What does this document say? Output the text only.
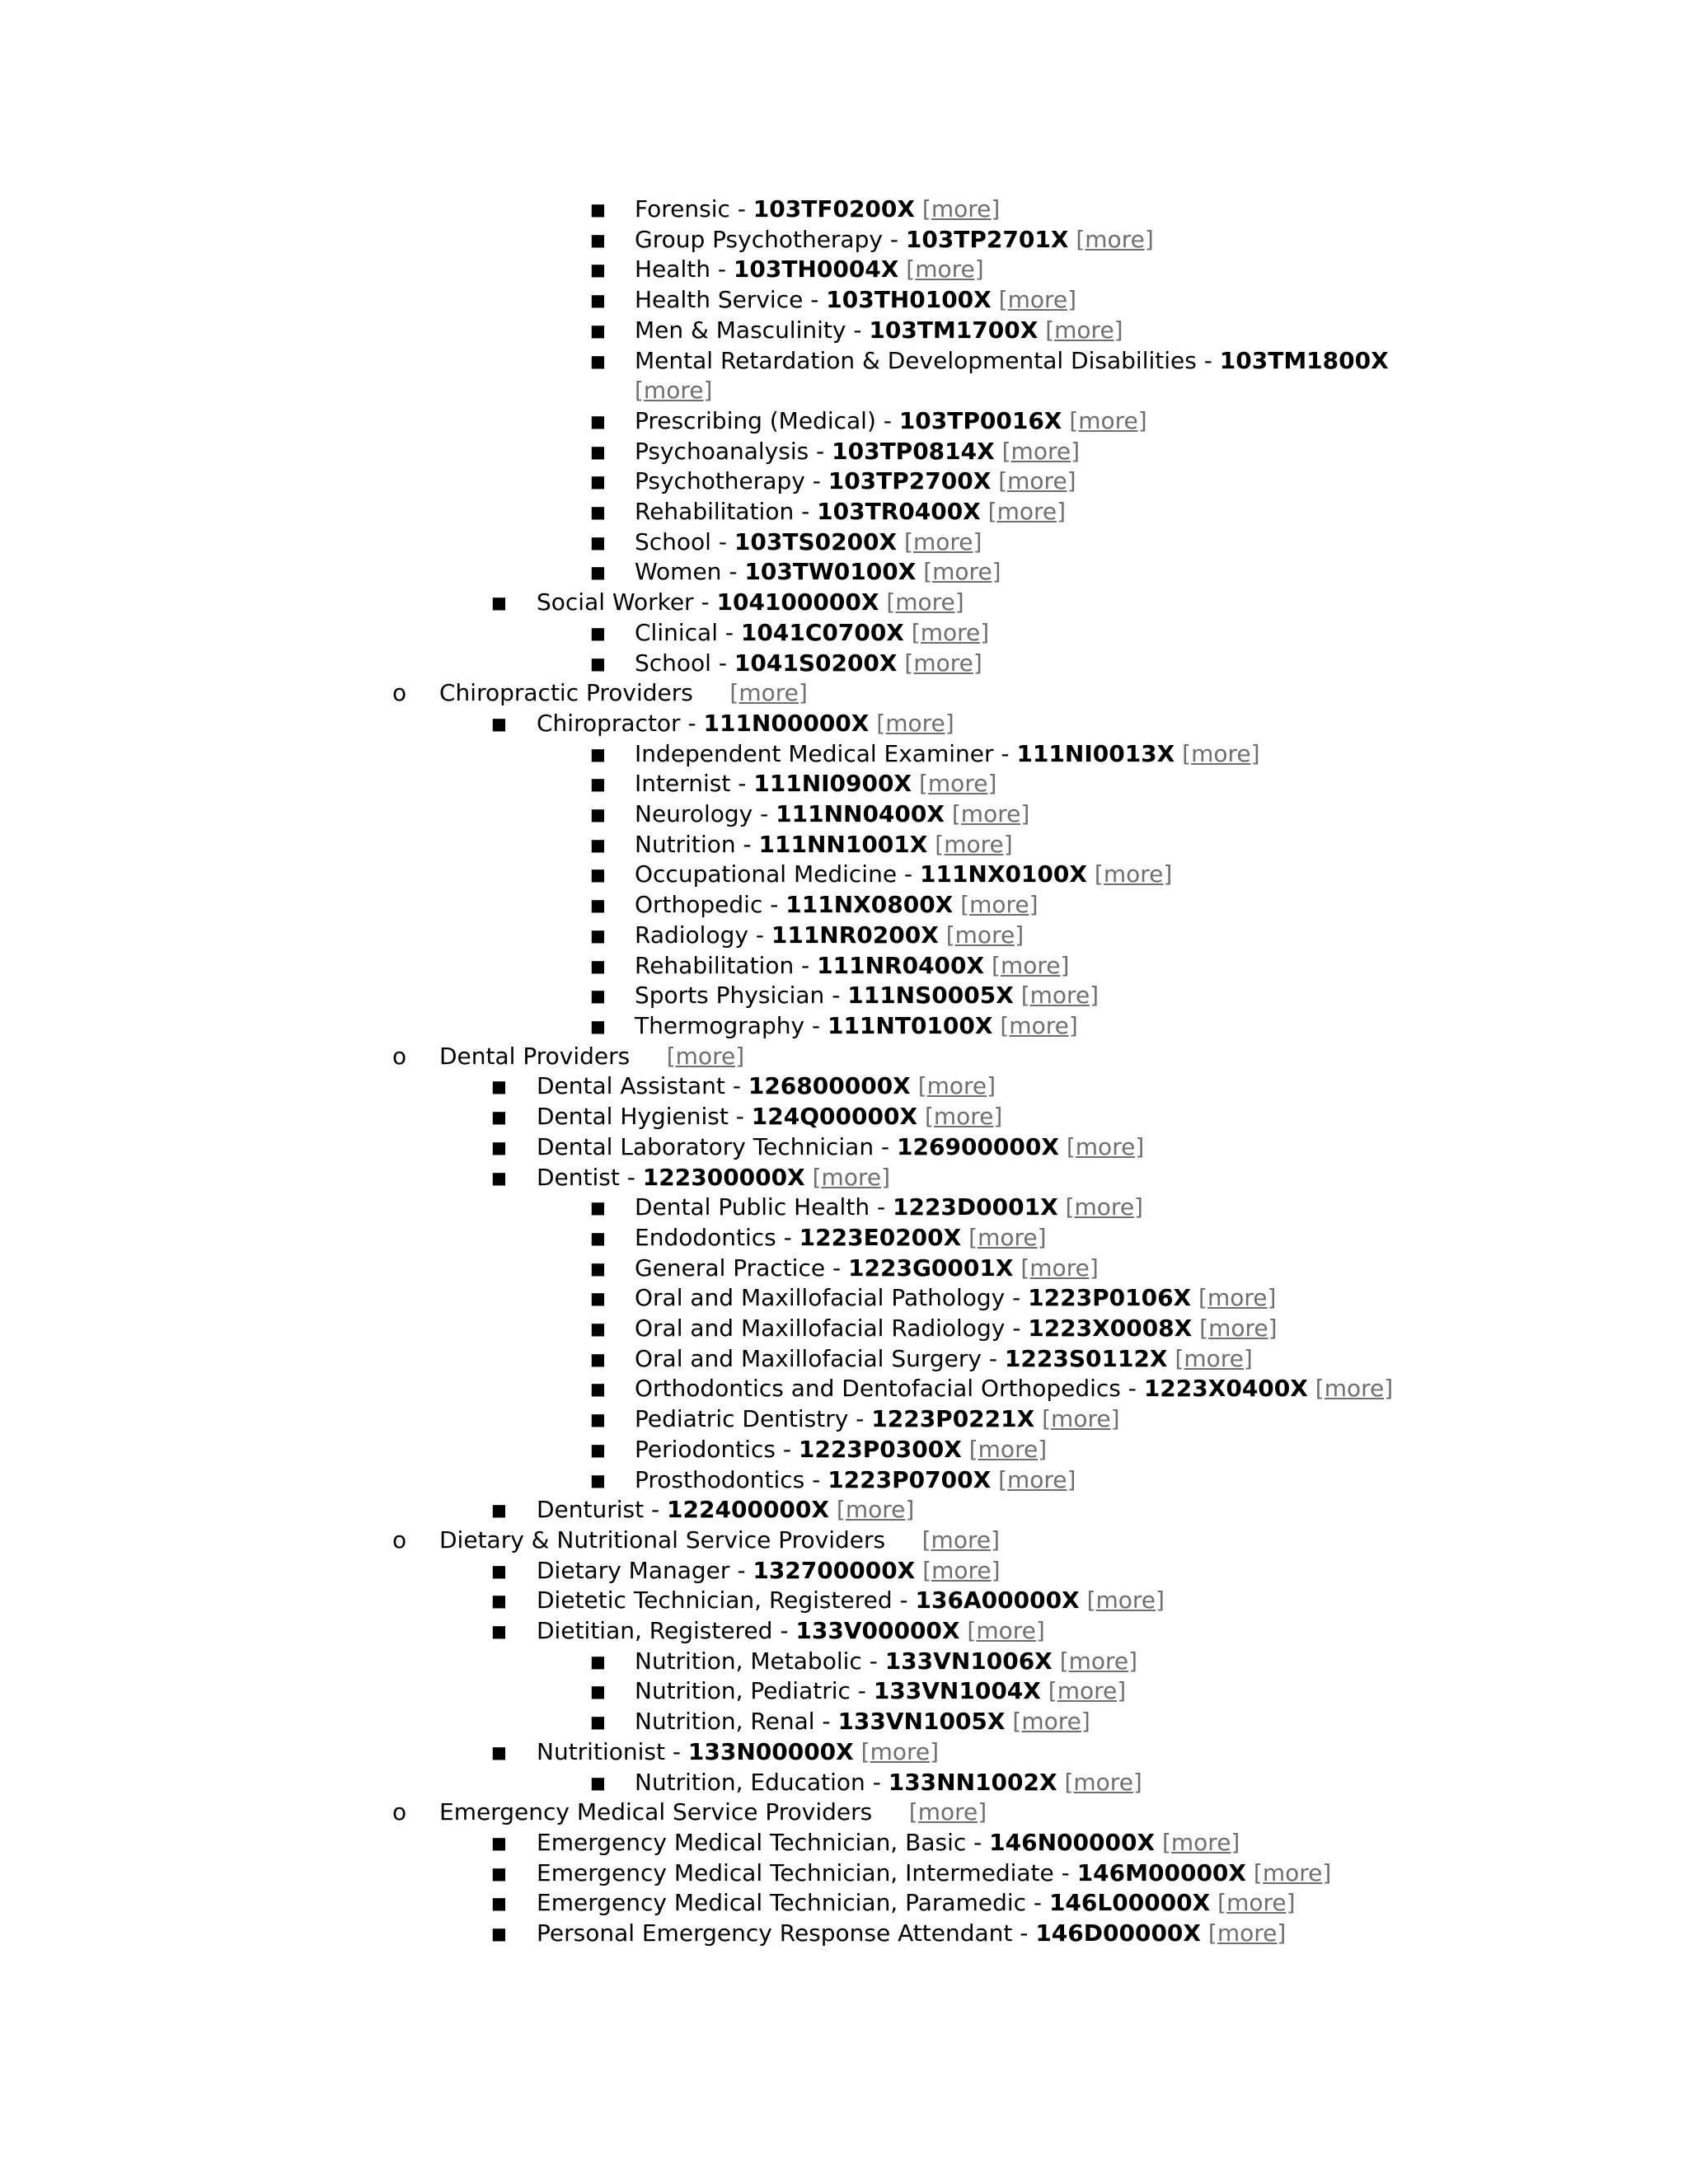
■ Forensic - 103TF0200X [more]
■ Group Psychotherapy - 103TP2701X [more]
■ Health - 103TH0004X [more]
■ Health Service - 103TH0100X [more]
■ Men & Masculinity - 103TM1700X [more]
■ Mental Retardation & Developmental Disabilities - 103TM1800X
[more]
■ Prescribing (Medical) - 103TP0016X [more]
■ Psychoanalysis - 103TP0814X [more]
■ Psychotherapy - 103TP2700X [more]
■ Rehabilitation - 103TR0400X [more]
■ School - 103TS0200X [more]
■ Women - 103TW0100X [more]
■ Social Worker - 104100000X [more]
■ Clinical - 1041C0700X [more]
■ School - 1041S0200X [more]
o Chiropractic Providers [more]
■ Chiropractor - 111N00000X [more]
■ Independent Medical Examiner - 111NI0013X [more]
■ Internist - 111NI0900X [more]
■ Neurology - 111NN0400X [more]
■ Nutrition - 111NN1001X [more]
■ Occupational Medicine - 111NX0100X [more]
■ Orthopedic - 111NX0800X [more]
■ Radiology - 111NR0200X [more]
■ Rehabilitation - 111NR0400X [more]
■ Sports Physician - 111NS0005X [more]
■ Thermography - 111NT0100X [more]
o Dental Providers [more]
■ Dental Assistant - 126800000X [more]
■ Dental Hygienist - 124Q00000X [more]
■ Dental Laboratory Technician - 126900000X [more]
■ Dentist - 122300000X [more]
■ Dental Public Health - 1223D0001X [more]
■ Endodontics - 1223E0200X [more]
■ General Practice - 1223G0001X [more]
■ Oral and Maxillofacial Pathology - 1223P0106X [more]
■ Oral and Maxillofacial Radiology - 1223X0008X [more]
■ Oral and Maxillofacial Surgery - 1223S0112X [more]
■ Orthodontics and Dentofacial Orthopedics - 1223X0400X [more]
■ Pediatric Dentistry - 1223P0221X [more]
■ Periodontics - 1223P0300X [more]
■ Prosthodontics - 1223P0700X [more]
■ Denturist - 122400000X [more]
o Dietary & Nutritional Service Providers [more]
■ Dietary Manager - 132700000X [more]
■ Dietetic Technician, Registered - 136A00000X [more]
■ Dietitian, Registered - 133V00000X [more]
■ Nutrition, Metabolic - 133VN1006X [more]
■ Nutrition, Pediatric - 133VN1004X [more]
■ Nutrition, Renal - 133VN1005X [more]
■ Nutritionist - 133N00000X [more]
■ Nutrition, Education - 133NN1002X [more]
o Emergency Medical Service Providers [more]
■ Emergency Medical Technician, Basic - 146N00000X [more]
■ Emergency Medical Technician, Intermediate - 146M00000X [more]
■ Emergency Medical Technician, Paramedic - 146L00000X [more]
■ Personal Emergency Response Attendant - 146D00000X [more]
